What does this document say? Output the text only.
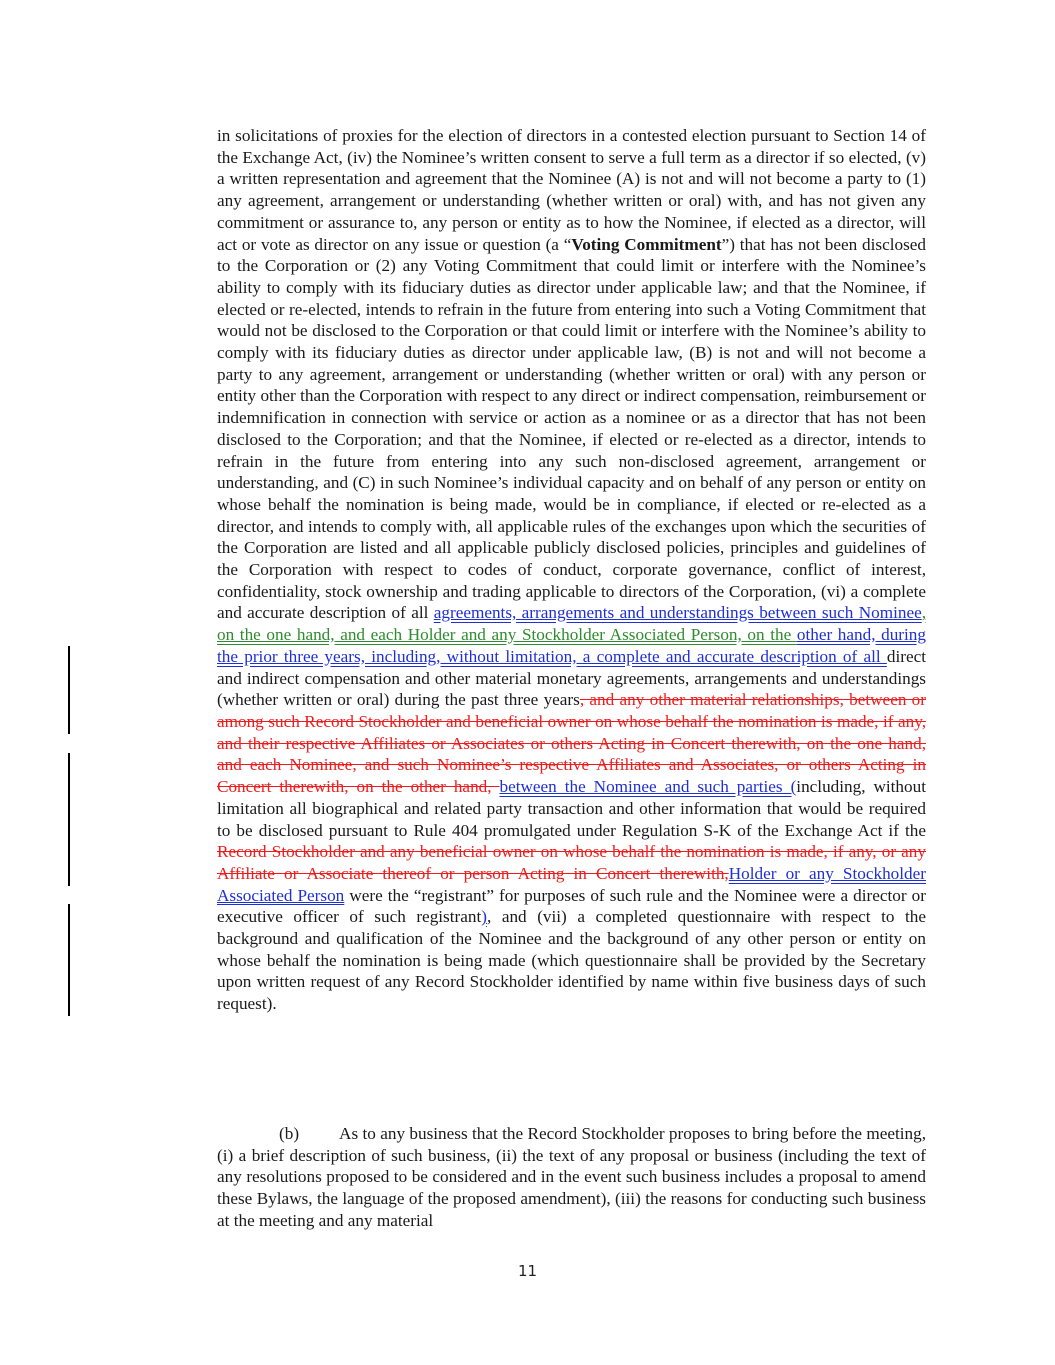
in solicitations of proxies for the election of directors in a contested election pursuant to Section 14 of the Exchange Act, (iv) the Nominee’s written consent to serve a full term as a director if so elected, (v) a written representation and agreement that the Nominee (A) is not and will not become a party to (1) any agreement, arrangement or understanding (whether written or oral) with, and has not given any commitment or assurance to, any person or entity as to how the Nominee, if elected as a director, will act or vote as director on any issue or question (a “Voting Commitment”) that has not been disclosed to the Corporation or (2) any Voting Commitment that could limit or interfere with the Nominee’s ability to comply with its fiduciary duties as director under applicable law; and that the Nominee, if elected or re-elected, intends to refrain in the future from entering into such a Voting Commitment that would not be disclosed to the Corporation or that could limit or interfere with the Nominee’s ability to comply with its fiduciary duties as director under applicable law, (B) is not and will not become a party to any agreement, arrangement or understanding (whether written or oral) with any person or entity other than the Corporation with respect to any direct or indirect compensation, reimbursement or indemnification in connection with service or action as a nominee or as a director that has not been disclosed to the Corporation; and that the Nominee, if elected or re-elected as a director, intends to refrain in the future from entering into any such non-disclosed agreement, arrangement or understanding, and (C) in such Nominee’s individual capacity and on behalf of any person or entity on whose behalf the nomination is being made, would be in compliance, if elected or re-elected as a director, and intends to comply with, all applicable rules of the exchanges upon which the securities of the Corporation are listed and all applicable publicly disclosed policies, principles and guidelines of the Corporation with respect to codes of conduct, corporate governance, conflict of interest, confidentiality, stock ownership and trading applicable to directors of the Corporation, (vi) a complete and accurate description of all agreements, arrangements and understandings between such Nominee, on the one hand, and each Holder and any Stockholder Associated Person, on the other hand, during the prior three years, including, without limitation, a complete and accurate description of all direct and indirect compensation and other material monetary agreements, arrangements and understandings (whether written or oral) during the past three years, and any other material relationships, between or among such Record Stockholder and beneficial owner on whose behalf the nomination is made, if any, and their respective Affiliates or Associates or others Acting in Concert therewith, on the one hand, and each Nominee, and such Nominee’s respective Affiliates and Associates, or others Acting in Concert therewith, on the other hand, between the Nominee and such parties (including, without limitation all biographical and related party transaction and other information that would be required to be disclosed pursuant to Rule 404 promulgated under Regulation S-K of the Exchange Act if the Record Stockholder and any beneficial owner on whose behalf the nomination is made, if any, or any Affiliate or Associate thereof or person Acting in Concert therewith,Holder or any Stockholder Associated Person were the “registrant” for purposes of such rule and the Nominee were a director or executive officer of such registrant), and (vii) a completed questionnaire with respect to the background and qualification of the Nominee and the background of any other person or entity on whose behalf the nomination is being made (which questionnaire shall be provided by the Secretary upon written request of any Record Stockholder identified by name within five business days of such request).

(b) As to any business that the Record Stockholder proposes to bring before the meeting, (i) a brief description of such business, (ii) the text of any proposal or business (including the text of any resolutions proposed to be considered and in the event such business includes a proposal to amend these Bylaws, the language of the proposed amendment), (iii) the reasons for conducting such business at the meeting and any material

11
